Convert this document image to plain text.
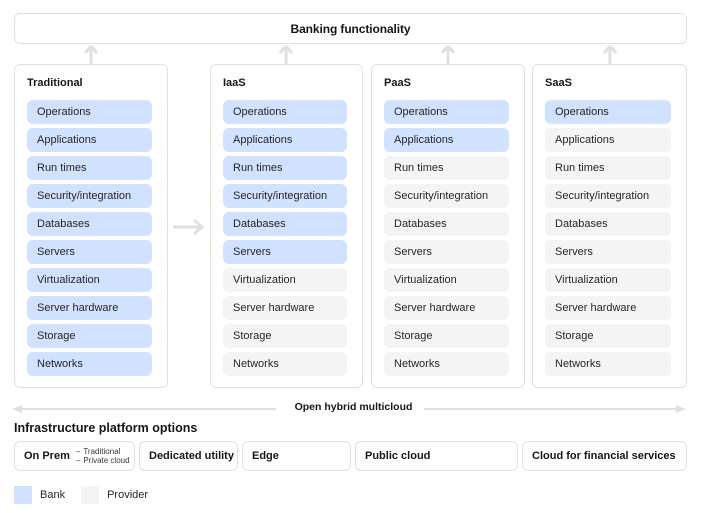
Banking functionality
Traditional
Operations
Applications
Run times
Security/integration
Databases
Servers
Virtualization
Server hardware
Storage
Networks
IaaS
Operations
Applications
Run times
Security/integration
Databases
Servers
Virtualization
Server hardware
Storage
Networks
PaaS
Operations
Applications
Run times
Security/integration
Databases
Servers
Virtualization
Server hardware
Storage
Networks
SaaS
Operations
Applications
Run times
Security/integration
Databases
Servers
Virtualization
Server hardware
Storage
Networks
Open hybrid multicloud
Infrastructure platform options
On Prem – Traditional
– Private cloud Dedicated utility Edge	Public cloud	Cloud for financial services
Bank	Provider
